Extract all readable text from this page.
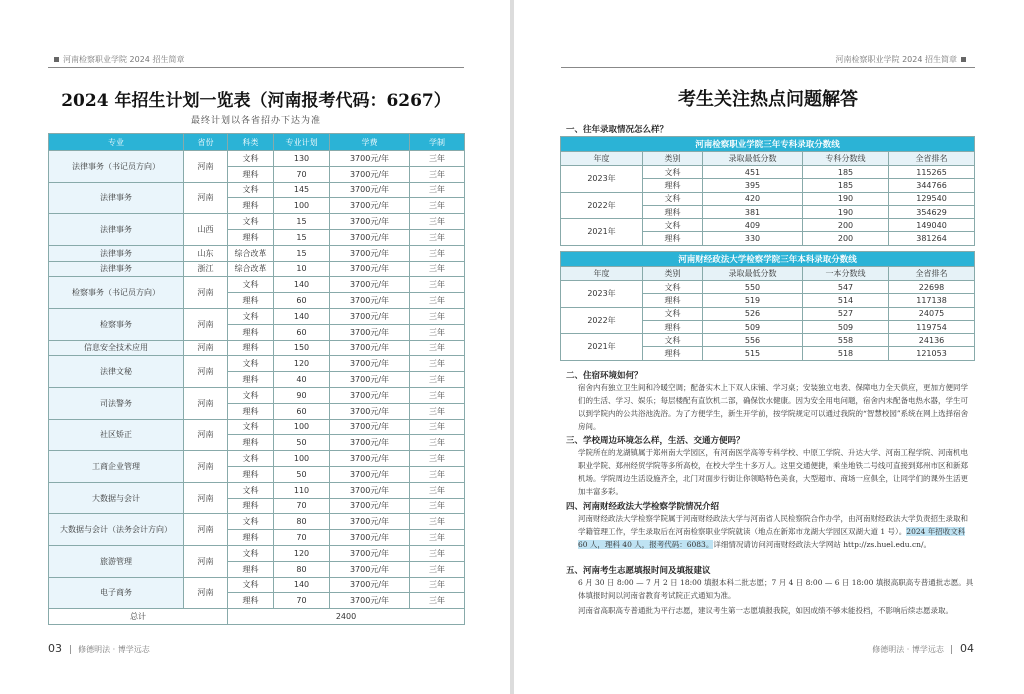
河南检察职业学院 2024 招生简章
2024 年招生计划一览表（河南报考代码：6267）
最终计划以各省招办下达为准
专业	省份	科类	专业计划	学费	学制
法律事务（书记员方向）	河南	文科	130	3700元/年	三年
		理科	70	3700元/年	三年
法律事务	河南	文科	145	3700元/年	三年
		理科	100	3700元/年	三年
法律事务	山西	文科	15	3700元/年	三年
		理科	15	3700元/年	三年
法律事务	山东	综合改革	15	3700元/年	三年
法律事务	浙江	综合改革	10	3700元/年	三年
检察事务（书记员方向）	河南	文科	140	3700元/年	三年
		理科	60	3700元/年	三年
检察事务	河南	文科	140	3700元/年	三年
		理科	60	3700元/年	三年
信息安全技术应用	河南	理科	150	3700元/年	三年
法律文秘	河南	文科	120	3700元/年	三年
		理科	40	3700元/年	三年
司法警务	河南	文科	90	3700元/年	三年
		理科	60	3700元/年	三年
社区矫正	河南	文科	100	3700元/年	三年
		理科	50	3700元/年	三年
工商企业管理	河南	文科	100	3700元/年	三年
		理科	50	3700元/年	三年
大数据与会计	河南	文科	110	3700元/年	三年
		理科	70	3700元/年	三年
大数据与会计（法务会计方向）	河南	文科	80	3700元/年	三年
		理科	70	3700元/年	三年
旅游管理	河南	文科	120	3700元/年	三年
		理科	80	3700元/年	三年
电子商务	河南	文科	140	3700元/年	三年
		理科	70	3700元/年	三年
总计		2400			
03 修德明法 · 博学远志
河南检察职业学院 2024 招生简章
考生关注热点问题解答
一、往年录取情况怎么样？
河南检察职业学院三年专科录取分数线				
年度	类别	录取最低分数	专科分数线	全省排名
2023年	文科	451	185	115265
	理科	395	185	344766
2022年	文科	420	190	129540
	理科	381	190	354629
2021年	文科	409	200	149040
	理科	330	200	381264
河南财经政法大学检察学院三年本科录取分数线				
年度	类别	录取最低分数	一本分数线	全省排名
2023年	文科	550	547	22698
	理科	519	514	117138
2022年	文科	526	527	24075
	理科	509	509	119754
2021年	文科	556	558	24136
	理科	515	518	121053
二、住宿环境如何？
宿舍内有独立卫生间和冷暖空调；配备实木上下双人床铺、学习桌；安装独立电表、保障电力全天供应，更加方便同学们的生活、学习、娱乐；每层楼配有直饮机二部，确保饮水健康。因为安全用电问题，宿舍内未配备电热水器，学生可以到学院内的公共浴池洗浴。为了方便学生，新生开学前，按学院规定可以通过我院的“智慧校园”系统在网上选择宿舍房间。
三、学校周边环境怎么样，生活、交通方便吗？
学院所在的龙湖镇属于郑州南大学园区，有河南医学高等专科学校、中原工学院、升达大学、河南工程学院、河南机电职业学院、郑州经贸学院等多所高校，在校大学生十多万人。这里交通便捷，乘坐地铁二号线可直接到郑州市区和新郑机场。学院周边生活设施齐全，北门对面步行街让你领略特色美食，大型超市、商场一应俱全，让同学们的课外生活更加丰富多彩。
四、河南财经政法大学检察学院情况介绍
河南财经政法大学检察学院属于河南财经政法大学与河南省人民检察院合作办学，由河南财经政法大学负责招生录取和学籍管理工作，学生录取后在河南检察职业学院就读（地点在新郑市龙湖大学园区双湖大道 1 号）。2024 年招收文科 60 人，理科 40 人，报考代码：6083。详细情况请访问河南财经政法大学网站 http://zs.huel.edu.cn/。
五、河南考生志愿填报时间及填报建议
6 月 30 日 8:00 — 7 月 2 日 18:00 填报本科二批志愿；7 月 4 日 8:00 — 6 日 18:00 填报高职高专普通批志愿。具体填报时间以河南省教育考试院正式通知为准。
河南省高职高专普通批为平行志愿，建议考生第一志愿填报我院，如因成绩不够未能投档，不影响后续志愿录取。
修德明法 · 博学远志 04
